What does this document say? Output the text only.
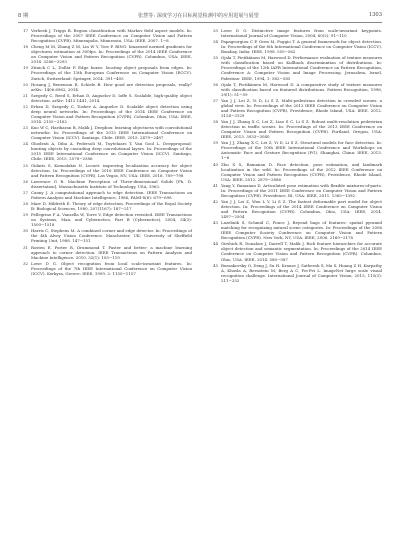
8 期	张慧等: 深度学习在目标视觉检测中的应用进展与展望	1303
17 Verbeek J, Triggs B. Region classification with Markov field aspect models. In: Proceedings of the 2007 IEEE Conference on Computer Vision and Pattern Recognition (CVPR). Minneapolis, Minnesota, USA: IEEE, 2007. 1−8
18 Cheng M M, Zhang Z M, Lin W Y, Torr P. BING: binarized normed gradients for objectness estimation at 300fps. In: Proceedings of the 2014 IEEE Conference on Computer Vision and Pattern Recognition (CVPR). Columbus, USA: IEEE, 2014. 3286−3293
19 Zitnick C L, Dollár P. Edge boxes: locating object proposals from edges. In: Proceedings of the 13th European Conference on Computer Vision (ECCV). Zurich, Switzerland: Springer, 2014. 391−405
20 Hosang J, Benenson R, Schiele B. How good are detection proposals, really? arXiv: 1406.6962, 2014.
21 Szegedy C, Reed S, Erhan D, Anguelov D, Ioffe S. Scalable, high-quality object detection. arXiv: 1412.1441, 2014.
22 Erhan D, Szegedy C, Toshev A, Anguelov D. Scalable object detection using deep neural networks. In: Proceedings of the 2014 IEEE Conference on Computer Vision and Pattern Recognition (CVPR). Columbus, Ohio, USA: IEEE, 2014. 2155−2162
23 Kuo W C, Hariharan B, Malik J. Deepbox: learning objectness with convolutional networks. In: Proceedings of the 2015 IEEE International Conference on Computer Vision (ICCV). Santiago, Chile: IEEE, 2015. 2479−2487
24 Ghodrati A, Diba A, Pedersoli M, Tuytelaars T, Van Gool L. Deepproposal: hunting objects by cascading deep convolutional layers. In: Proceedings of the 2015 IEEE International Conference on Computer Vision (ICCV). Santiago, Chile: IEEE, 2015. 2578−2586
25 Gidaris S, Komodakis N. Locnet: improving localization accuracy for object detection. In: Proceedings of the 2016 IEEE Conference on Computer Vision and Pattern Recognition (CVPR). Las Vegas, NV, USA: IEEE, 2016. 789−798
26 Lawrence G R. Machine Perception of Three-dimensional Solids [Ph. D. dissertation], Massachusetts Institute of Technology, USA, 1963.
27 Canny J. A computational approach to edge detection. IEEE Transactions on Pattern Analysis and Machine Intelligence, 1986, PAMI-8(6): 679−698
28 Marr D, Hildreth E. Theory of edge detection. Proceedings of the Royal Society B: Biological Sciences, 1980, 207(1167): 187−217
29 Pellegrino F A, Vanzella W, Torre V. Edge detection revisited. IEEE Transactions on Systems, Man, and Cybernetics, Part B (Cybernetics), 2004, 34(3): 1500−1518
30 Harris C, Stephens M. A combined corner and edge detector. In: Proceedings of the 4th Alvey Vision Conference. Manchester, UK: University of Sheffield Printing Unit, 1988. 147−151
31 Rosten E, Porter R, Drummond T. Faster and better: a machine learning approach to corner detection. IEEE Transactions on Pattern Analysis and Machine Intelligence, 2010, 32(1): 105−119
32 Lowe D G. Object recognition from local scale-invariant features. In: Proceedings of the 7th IEEE International Conference on Computer Vision (ICCV). Kerkyra, Greece: IEEE, 1999, 2: 1150−1157
33 Lowe D G. Distinctive image features from scale-invariant keypoints. International Journal of Computer Vision, 2004, 60(2): 91−110
34 Papageorgiou C P, Oren M, Poggio T. A general framework for object detection. In: Proceedings of the 6th International Conference on Computer Vision (ICCV). Bombay, India: IEEE, 1998. 555−562
35 Ojala T, Pietikäinen M, Harwood D. Performance evaluation of texture measures with classification based on Kullback discrimination of distributions. In: Proceedings of the 12th IAPR International Conference on Pattern Recognition, Conference A: Computer Vision and Image Processing. Jerusalem, Israel, Palestine: IEEE, 1994, 1: 582−585
36 Ojala T, Pietikäinen M, Harwood D. A comparative study of texture measures with classification based on featured distributions. Pattern Recognition, 1996, 29(1): 51−59
37 Yan J J, Lei Z, Yi D, Li S Z. Multi-pedestrian detection in crowded scenes: a global view. In: Proceedings of the 2012 IEEE Conference on Computer Vision and Pattern Recognition (CVPR). Providence, Rhode Island, USA: IEEE, 2012. 3124−3129
38 Yan J J, Zhang X C, Lei Z, Liao S C, Li S Z. Robust multi-resolution pedestrian detection in traffic scenes. In: Proceedings of the 2013 IEEE Conference on Computer Vision and Pattern Recognition (CVPR). Portland, Oregon, USA: IEEE, 2013. 3033−3040
39 Yan J J, Zhang X C, Lei Z, Yi D, Li S Z. Structural models for face detection. In: Proceedings of the 10th IEEE International Conference and Workshops on Automatic Face and Gesture Recognition (FG). Shanghai, China: IEEE, 2013. 1−6
40 Zhu X X, Ramanan D. Face detection, pose estimation, and landmark localization in the wild. In: Proceedings of the 2012 IEEE Conference on Computer Vision and Pattern Recognition (CVPR). Providence, Rhode Island, USA: IEEE, 2012. 2879−2886
41 Yang Y, Ramanan D. Articulated pose estimation with flexible mixtures-of-parts. In: Proceedings of the 2011 IEEE Conference on Computer Vision and Pattern Recognition (CVPR). Providence, RI, USA: IEEE, 2011. 1385−1392
42 Yan J J, Lei Z, Wen L Y, Li S Z. The fastest deformable part model for object detection. In: Proceedings of the 2014 IEEE Conference on Computer Vision and Pattern Recognition (CVPR). Columbus, Ohio, USA: IEEE, 2014. 2497−2504
43 Lazebnik S, Schmid C, Ponce J. Beyond bags of features: spatial pyramid matching for recognizing natural scene categories. In: Proceedings of the 2006 IEEE Computer Society Conference on Computer Vision and Pattern Recognition (CVPR). New York, NY, USA: IEEE, 2006. 2169−2178
44 Girshick R, Donahue J, Darrell T, Malik J. Rich feature hierarchies for accurate object detection and semantic segmentation. In: Proceedings of the 2014 IEEE Conference on Computer Vision and Pattern Recognition (CVPR). Columbus, Ohio, USA: IEEE, 2014. 580−587
45 Russakovsky O, Deng J, Su H, Krause J, Satheesh S, Ma S, Huang Z H, Karpathy A, Khosla A, Bernstein M, Berg A C, Fei-Fei L. ImageNet large scale visual recognition challenge. International Journal of Computer Vision, 2015, 115(3): 211−252
